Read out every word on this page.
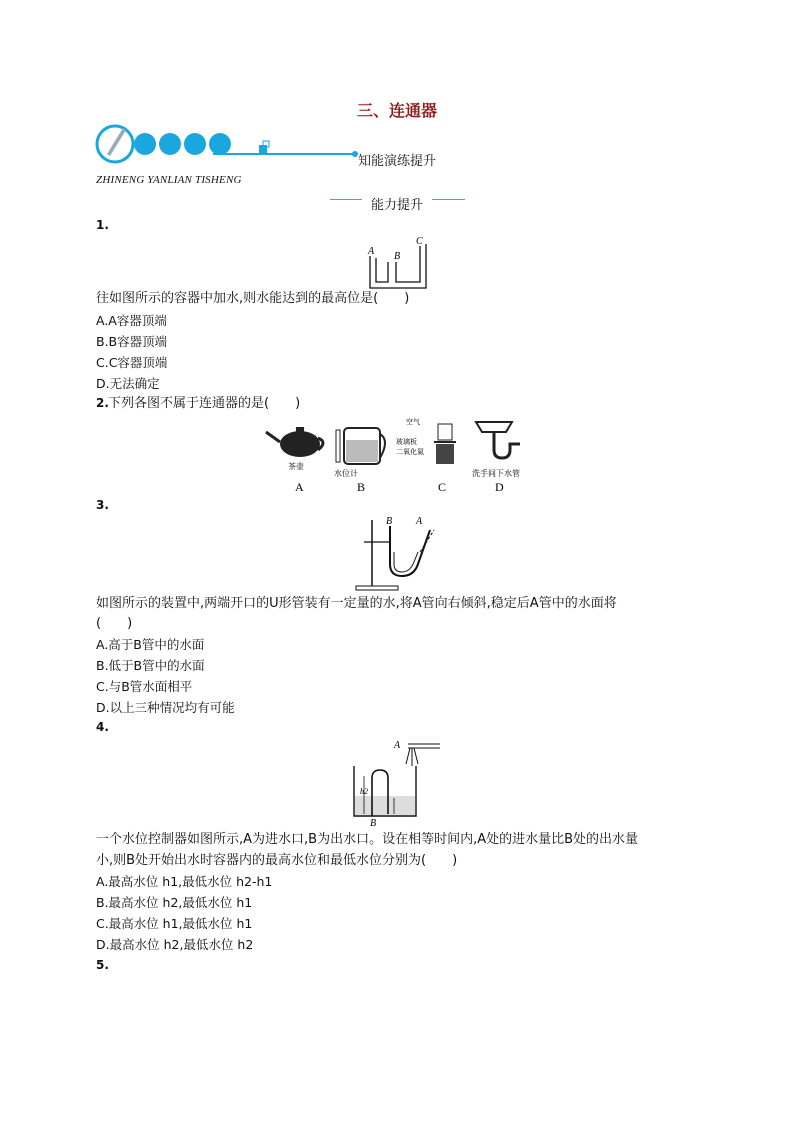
三、连通器
知能演练提升
ZHINENG YANLIAN TISHENG
能力提升
1.
A B
C
往如图所示的容器中加水,则水能达到的最高位是(　　)
A.A容器顶端
B.B容器顶端
C.C容器顶端
D.无法确定
2. 下列各图不属于连通器的是(　　)
茶壶
A
水位计
B
空气
玻璃板
二氧化氮
C
洗手间下水管
D
3.
B A
如图所示的装置中,两端开口的U形管装有一定量的水,将A管向右倾斜,稳定后A管中的水面将
(　　)
A.高于B管中的水面
B.低于B管中的水面
C.与B管水面相平
D.以上三种情况均有可能
4.
A
B
h2
一个水位控制器如图所示,A为进水口,B为出水口。设在相等时间内,A处的进水量比B处的出水量
小,则B处开始出水时容器内的最高水位和最低水位分别为(　　)
A.最高水位 h1,最低水位 h2-h1
B.最高水位 h2,最低水位 h1
C.最高水位 h1,最低水位 h1
D.最高水位 h2,最低水位 h2
5.
